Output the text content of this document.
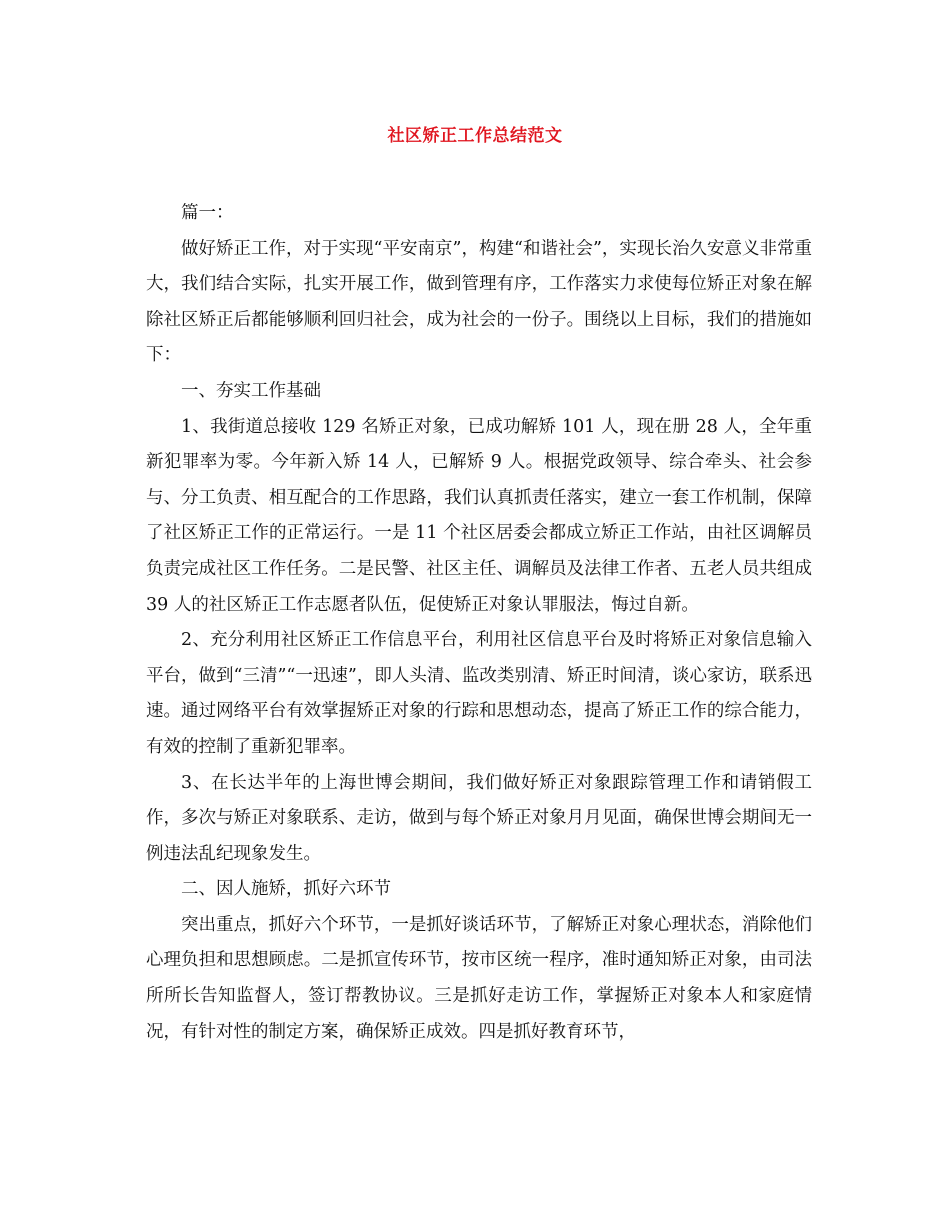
社区矫正工作总结范文

篇一：

做好矫正工作，对于实现“平安南京”，构建“和谐社会”，实现长治久安意义非常重大，我们结合实际，扎实开展工作，做到管理有序，工作落实力求使每位矫正对象在解除社区矫正后都能够顺利回归社会，成为社会的一份子。围绕以上目标，我们的措施如下：

一、夯实工作基础

1、我街道总接收 129 名矫正对象，已成功解矫 101 人，现在册 28 人，全年重新犯罪率为零。今年新入矫 14 人，已解矫 9 人。根据党政领导、综合牵头、社会参与、分工负责、相互配合的工作思路，我们认真抓责任落实，建立一套工作机制，保障了社区矫正工作的正常运行。一是 11 个社区居委会都成立矫正工作站，由社区调解员负责完成社区工作任务。二是民警、社区主任、调解员及法律工作者、五老人员共组成 39 人的社区矫正工作志愿者队伍，促使矫正对象认罪服法，悔过自新。

2、充分利用社区矫正工作信息平台，利用社区信息平台及时将矫正对象信息输入平台，做到“三清”“一迅速”，即人头清、监改类别清、矫正时间清，谈心家访，联系迅速。通过网络平台有效掌握矫正对象的行踪和思想动态，提高了矫正工作的综合能力，有效的控制了重新犯罪率。

3、在长达半年的上海世博会期间，我们做好矫正对象跟踪管理工作和请销假工作，多次与矫正对象联系、走访，做到与每个矫正对象月月见面，确保世博会期间无一例违法乱纪现象发生。

二、因人施矫，抓好六环节

突出重点，抓好六个环节，一是抓好谈话环节，了解矫正对象心理状态，消除他们心理负担和思想顾虑。二是抓宣传环节，按市区统一程序，准时通知矫正对象，由司法所所长告知监督人，签订帮教协议。三是抓好走访工作，掌握矫正对象本人和家庭情况，有针对性的制定方案，确保矫正成效。四是抓好教育环节，
